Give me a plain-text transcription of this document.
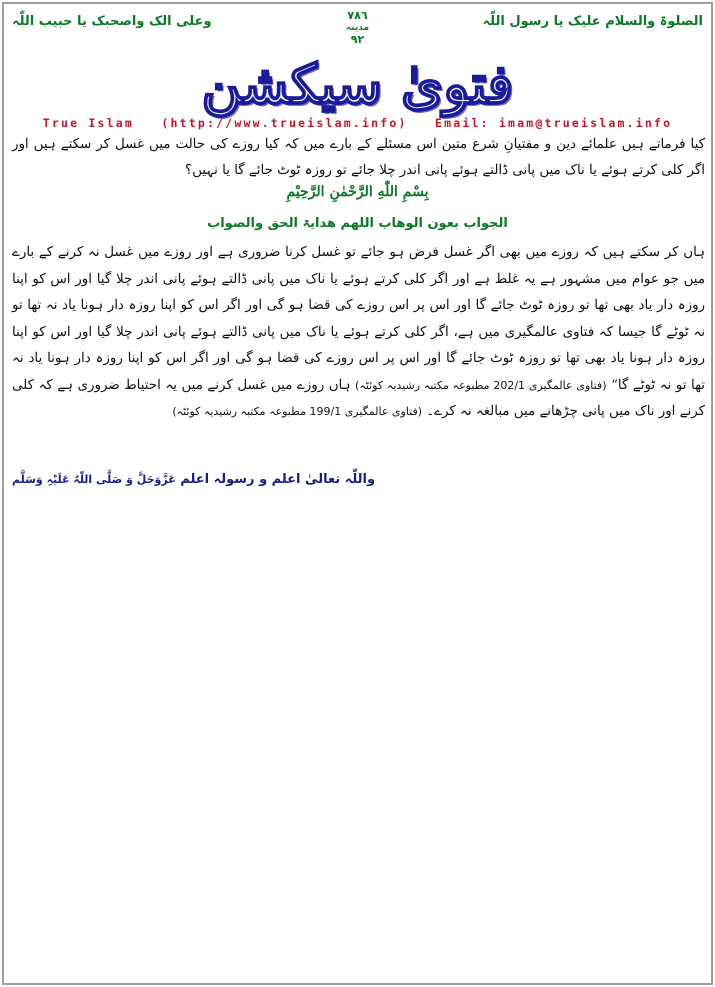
الصلوۃ والسلام علیک یا رسول اللّٰہ
٧٨٦
مدینہ
٩٢
وعلی الک واصحبک یا حبیب اللّٰہ
فتویٰ سیکشن
True Islam (http://www.trueislam.info) Email: imam@trueislam.info
کیا فرماتے ہیں علمائے دین و مفتیانِ شرع متین اس مسئلے کے بارے میں کہ کیا روزے کی حالت میں غسل کر سکتے ہیں اور اگر کلی کرتے ہوئے یا ناک میں پانی ڈالتے ہوئے پانی اندر چلا جائے تو روزہ ٹوٹ جائے گا یا نہیں؟
بِسْمِ اللّٰهِ الرَّحْمٰنِ الرَّحِيْمِ
الجواب بعون الوھاب اللھم ھدایۃ الحق والصواب
ہاں کر سکتے ہیں کہ روزے میں بھی اگر غسل فرض ہو جائے تو غسل کرنا ضروری ہے اور روزے میں غسل نہ کرنے کے بارے میں جو عوام میں مشہور ہے یہ غلط ہے اور اگر کلی کرتے ہوئے یا ناک میں پانی ڈالتے ہوئے پانی اندر چلا گیا اور اس کو اپنا روزہ دار یاد بھی تھا تو روزہ ٹوٹ جائے گا اور اس پر اس روزے کی قضا ہو گی اور اگر اس کو اپنا روزہ دار ہونا یاد نہ تھا تو نہ ٹوٹے گا جیسا کہ فتاوی عالمگیری میں ہے، اگر کلی کرتے ہوئے یا ناک میں پانی ڈالتے ہوئے پانی اندر چلا گیا اور اس کو اپنا روزہ دار ہونا یاد بھی تھا تو روزہ ٹوٹ جائے گا اور اس پر اس روزے کی قضا ہو گی اور اگر اس کو اپنا روزہ دار ہونا یاد نہ تھا تو نہ ٹوٹے گا“ (فتاوی عالمگیری 202/1 مطبوعہ مکتبہ رشیدیہ کوئٹہ) ہاں روزے میں غسل کرنے میں یہ احتیاط ضروری ہے کہ کلی کرنے اور ناک میں پانی چڑھانے میں مبالغہ نہ کرے۔ (فتاوی عالمگیری 199/1 مطبوعہ مکتبہ رشیدیہ کوئٹہ)
واللّٰہ تعالیٰ اعلم و رسولہ اعلم عَزَّوَجَلَّ وَ صَلَّی اللّٰہُ عَلَیْہِ وَسَلَّم
